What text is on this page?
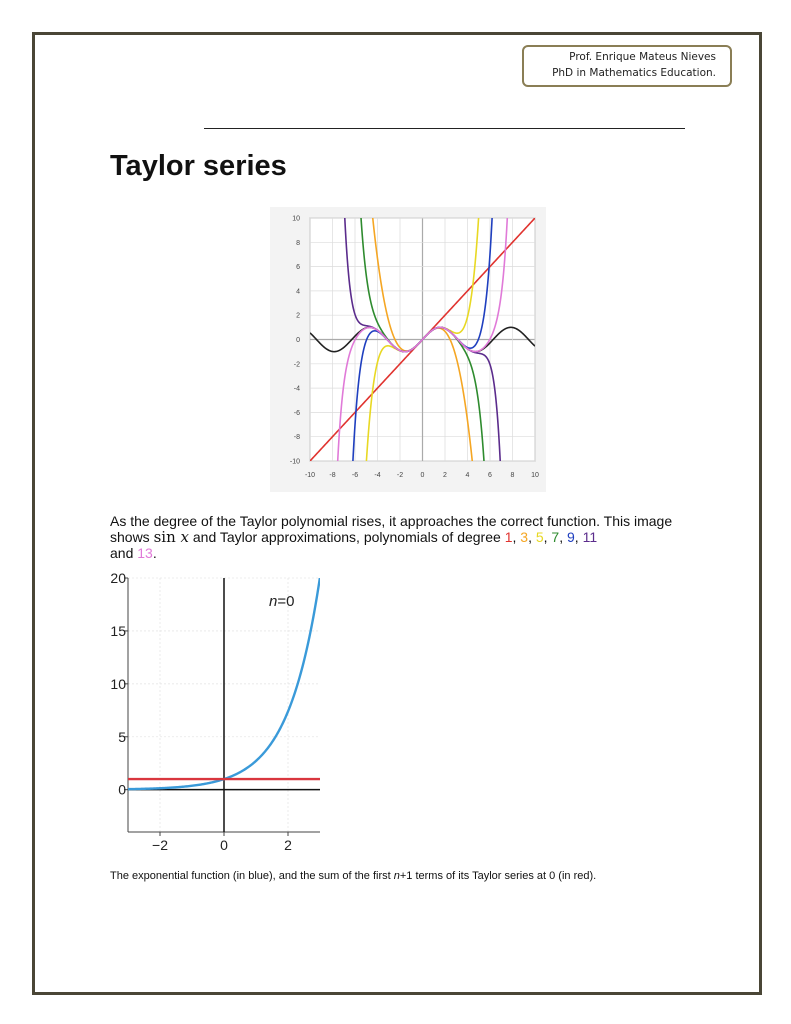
Prof. Enrique Mateus Nieves
PhD in Mathematics Education.
Taylor series
-10 -8 -6 -4 -2 0	2	4	6	8 10
10
8
6
4
2
0
-2
-4
-6
-8
-10
As the degree of the Taylor polynomial rises, it approaches the correct function. This image shows sin x and Taylor approximations, polynomials of degree 1, 3, 5, 7, 9, 11
and 13.
−2	0	2
0
5
10
15
20
n=0
The exponential function (in blue), and the sum of the first n+1 terms of its Taylor series at 0 (in red).
